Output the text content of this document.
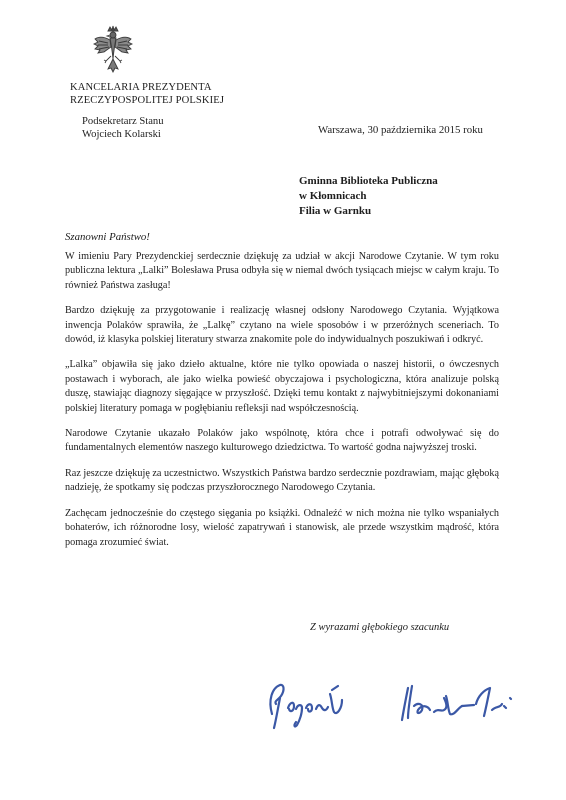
KANCELARIA PREZYDENTA
RZECZYPOSPOLITEJ POLSKIEJ
Podsekretarz Stanu
Wojciech Kolarski	Warszawa, 30 października 2015 roku
Gminna Biblioteka Publiczna
w Kłomnicach
Filia w Garnku
Szanowni Państwo!

W imieniu Pary Prezydenckiej serdecznie dziękuję za udział w akcji Narodowe Czytanie. W tym roku publiczna lektura „Lalki” Bolesława Prusa odbyła się w niemal dwóch tysiącach miejsc w całym kraju. To również Państwa zasługa!

Bardzo dziękuję za przygotowanie i realizację własnej odsłony Narodowego Czytania. Wyjątkowa inwencja Polaków sprawiła, że „Lalkę” czytano na wiele sposobów i w przeróżnych sceneriach. To dowód, iż klasyka polskiej literatury stwarza znakomite pole do indywidualnych poszukiwań i odkryć.

„Lalka” objawiła się jako dzieło aktualne, które nie tylko opowiada o naszej historii, o ówczesnych postawach i wyborach, ale jako wielka powieść obyczajowa i psychologiczna, która analizuje polską duszę, stawiając diagnozy sięgające w przyszłość. Dzięki temu kontakt z najwybitniejszymi dokonaniami polskiej literatury pomaga w pogłębianiu refleksji nad współczesnością.

Narodowe Czytanie ukazało Polaków jako wspólnotę, która chce i potrafi odwoływać się do fundamentalnych elementów naszego kulturowego dziedzictwa. To wartość godna najwyższej troski.

Raz jeszcze dziękuję za uczestnictwo. Wszystkich Państwa bardzo serdecznie pozdrawiam, mając głęboką nadzieję, że spotkamy się podczas przyszłorocznego Narodowego Czytania.

Zachęcam jednocześnie do częstego sięgania po książki. Odnaleźć w nich można nie tylko wspaniałych bohaterów, ich różnorodne losy, wielość zapatrywań i stanowisk, ale przede wszystkim mądrość, która pomaga zrozumieć świat.

Z wyrazami głębokiego szacunku
